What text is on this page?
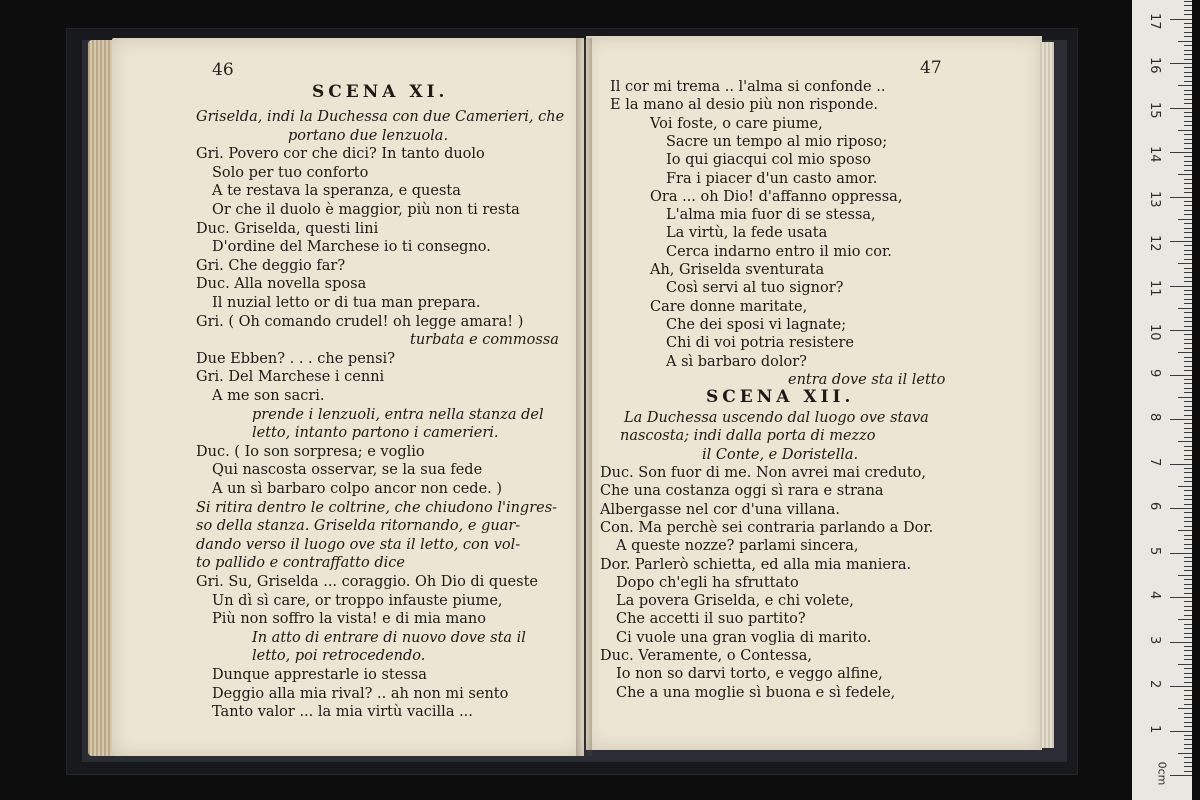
46
SCENA XI.
Griselda, indi la Duchessa con due Camerieri, che
portano due lenzuola.
Gri. Povero cor che dici? In tanto duolo
Solo per tuo conforto
A te restava la speranza, e questa
Or che il duolo è maggior, più non ti resta
Duc. Griselda, questi lini
D'ordine del Marchese io ti consegno.
Gri. Che deggio far?
Duc. Alla novella sposa
Il nuzial letto or di tua man prepara.
Gri. ( Oh comando crudel! oh legge amara! )
turbata e commossa
Due Ebben? . . . che pensi?
Gri. Del Marchese i cenni
A me son sacri.
prende i lenzuoli, entra nella stanza del
letto, intanto partono i camerieri.
Duc. ( Io son sorpresa; e voglio
Qui nascosta osservar, se la sua fede
A un sì barbaro colpo ancor non cede. )
Si ritira dentro le coltrine, che chiudono l'ingres-
so della stanza. Griselda ritornando, e guar-
dando verso il luogo ove sta il letto, con vol-
to pallido e contraffatto dice
Gri. Su, Griselda ... coraggio. Oh Dio di queste
Un dì sì care, or troppo infauste piume,
Più non soffro la vista! e di mia mano
In atto di entrare di nuovo dove sta il
letto, poi retrocedendo.
Dunque apprestarle io stessa
Deggio alla mia rival? .. ah non mi sento
Tanto valor ... la mia virtù vacilla ...
47
Il cor mi trema .. l'alma si confonde ..
E la mano al desio più non risponde.
Voi foste, o care piume,
Sacre un tempo al mio riposo;
Io qui giacqui col mio sposo
Fra i piacer d'un casto amor.
Ora ... oh Dio! d'affanno oppressa,
L'alma mia fuor di se stessa,
La virtù, la fede usata
Cerca indarno entro il mio cor.
Ah, Griselda sventurata
Così servi al tuo signor?
Care donne maritate,
Che dei sposi vi lagnate;
Chi di voi potria resistere
A sì barbaro dolor?
entra dove sta il letto
SCENA XII.
La Duchessa uscendo dal luogo ove stava
nascosta; indi dalla porta di mezzo
il Conte, e Doristella.
Duc. Son fuor di me. Non avrei mai creduto,
Che una costanza oggi sì rara e strana
Albergasse nel cor d'una villana.
Con. Ma perchè sei contraria parlando a Dor.
A queste nozze? parlami sincera,
Dor. Parlerò schietta, ed alla mia maniera.
Dopo ch'egli ha sfruttato
La povera Griselda, e chi volete,
Che accetti il suo partito?
Ci vuole una gran voglia di marito.
Duc. Veramente, o Contessa,
Io non so darvi torto, e veggo alfine,
Che a una moglie sì buona e sì fedele,
0cm
1
2
3
4
5
6
7
8
9
10
11
12
13
14
15
16
17
